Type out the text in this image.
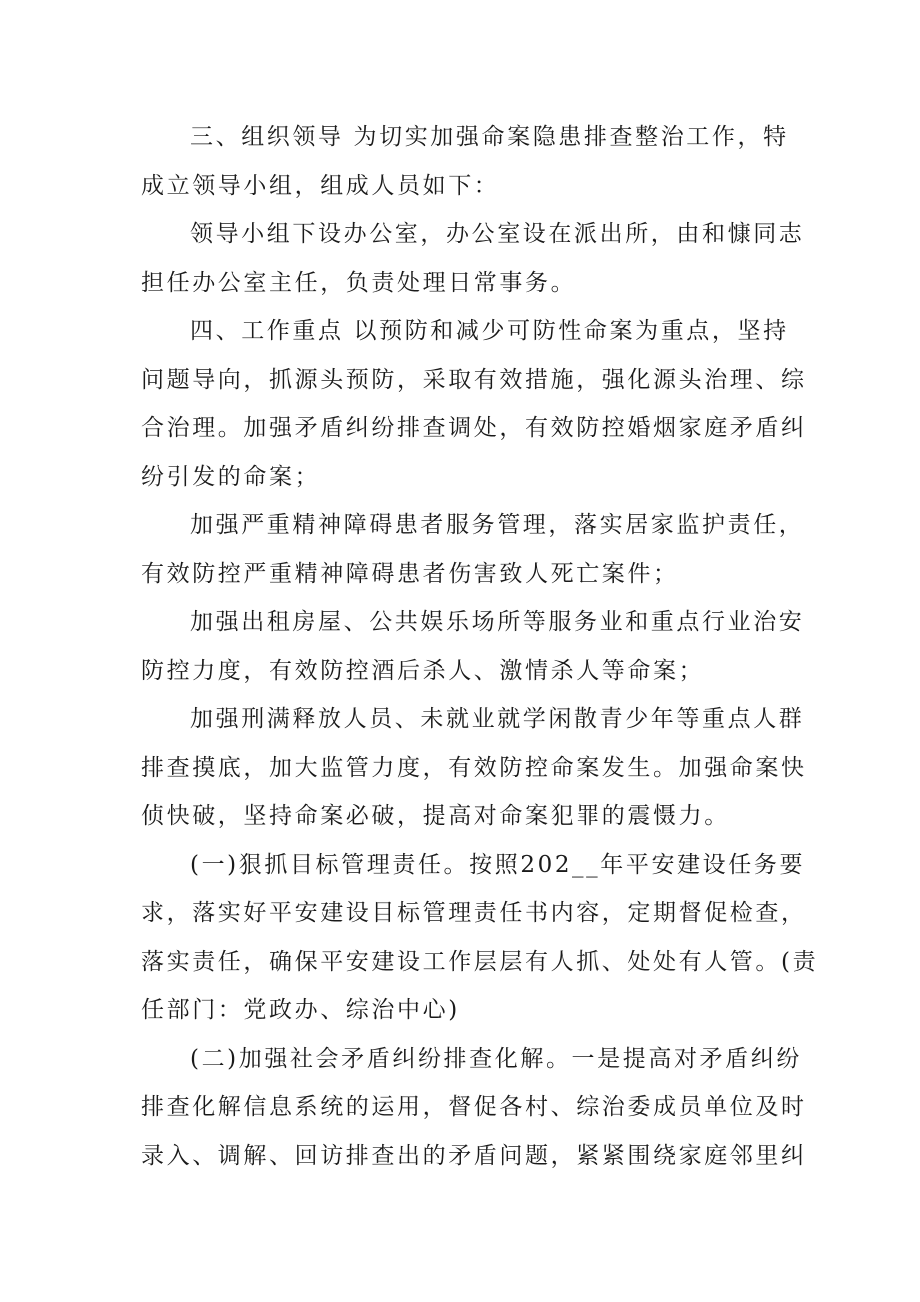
三、组织领导 为切实加强命案隐患排查整治工作，特
成立领导小组，组成人员如下：
领导小组下设办公室，办公室设在派出所，由和慷同志
担任办公室主任，负责处理日常事务。
四、工作重点 以预防和减少可防性命案为重点，坚持
问题导向，抓源头预防，采取有效措施，强化源头治理、综
合治理。加强矛盾纠纷排查调处，有效防控婚烟家庭矛盾纠
纷引发的命案；
加强严重精神障碍患者服务管理，落实居家监护责任，
有效防控严重精神障碍患者伤害致人死亡案件；
加强出租房屋、公共娱乐场所等服务业和重点行业治安
防控力度，有效防控酒后杀人、激情杀人等命案；
加强刑满释放人员、未就业就学闲散青少年等重点人群
排查摸底，加大监管力度，有效防控命案发生。加强命案快
侦快破，坚持命案必破，提高对命案犯罪的震慑力。
(一)狠抓目标管理责任。按照202__年平安建设任务要
求，落实好平安建设目标管理责任书内容，定期督促检查，
落实责任，确保平安建设工作层层有人抓、处处有人管。(责
任部门：党政办、综治中心)
(二)加强社会矛盾纠纷排查化解。一是提高对矛盾纠纷
排查化解信息系统的运用，督促各村、综治委成员单位及时
录入、调解、回访排查出的矛盾问题，紧紧围绕家庭邻里纠
